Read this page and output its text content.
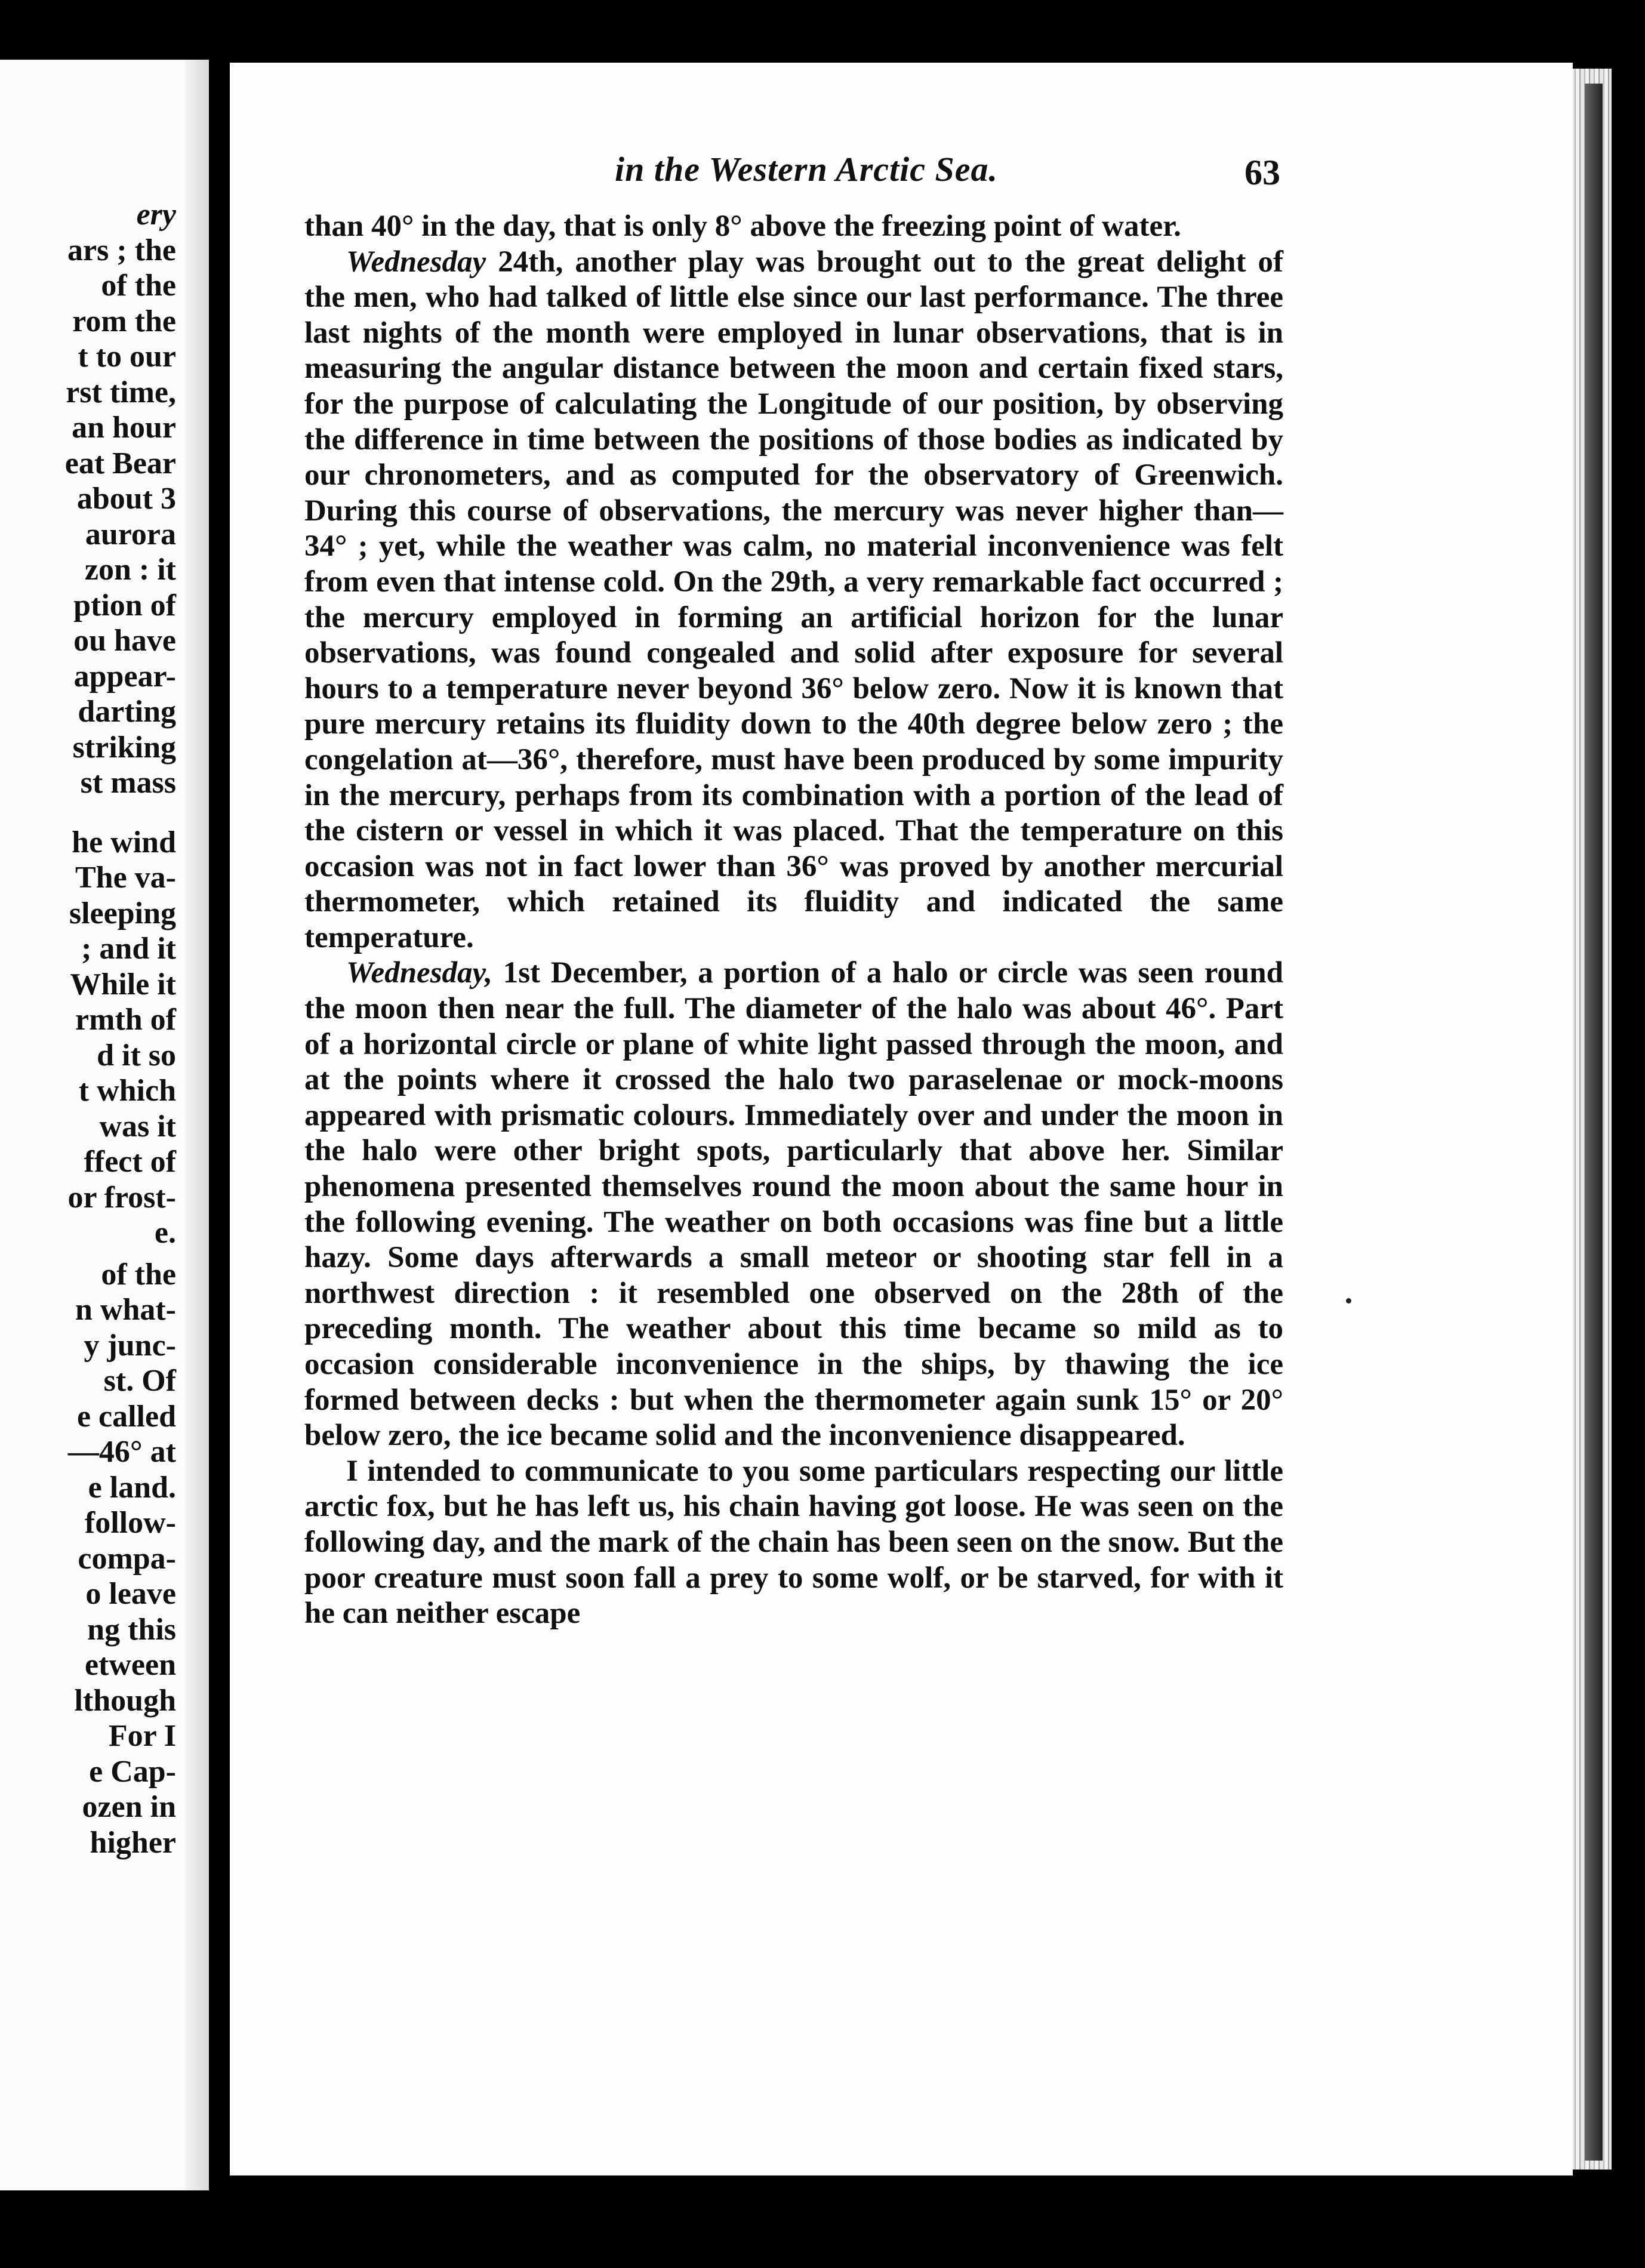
ery
ars ; the
of the
rom the
t to our
rst time,
an hour
eat Bear
about 3
aurora
zon : it
ption of
ou have
appear-
darting
striking
st mass
he wind
The va-
sleeping
; and it
While it
rmth of
d it so
t which
was it
ffect of
or frost-
e.
of the
n what-
y junc-
st. Of
e called
—46° at
e land.
follow-
compa-
o leave
ng this
etween
lthough
For I
e Cap-
ozen in
higher
in the Western Arctic Sea.	63

than 40° in the day, that is only 8° above the freezing point of water.

Wednesday 24th, another play was brought out to the great delight of the men, who had talked of little else since our last performance. The three last nights of the month were employed in lunar observations, that is in measuring the angular distance between the moon and certain fixed stars, for the purpose of calculating the Longitude of our position, by observing the difference in time between the positions of those bodies as indicated by our chronometers, and as computed for the observatory of Greenwich. During this course of observations, the mercury was never higher than—34° ; yet, while the weather was calm, no material inconvenience was felt from even that intense cold. On the 29th, a very remarkable fact occurred ; the mercury employed in forming an artificial horizon for the lunar observations, was found congealed and solid after exposure for several hours to a temperature never beyond 36° below zero. Now it is known that pure mercury retains its fluidity down to the 40th degree below zero ; the congelation at—36°, therefore, must have been produced by some impurity in the mercury, perhaps from its combination with a portion of the lead of the cistern or vessel in which it was placed. That the temperature on this occasion was not in fact lower than 36° was proved by another mercurial thermometer, which retained its fluidity and indicated the same temperature.

Wednesday, 1st December, a portion of a halo or circle was seen round the moon then near the full. The diameter of the halo was about 46°. Part of a horizontal circle or plane of white light passed through the moon, and at the points where it crossed the halo two paraselenae or mock-moons appeared with prismatic colours. Immediately over and under the moon in the halo were other bright spots, particularly that above her. Similar phenomena presented themselves round the moon about the same hour in the following evening. The weather on both occasions was fine but a little hazy. Some days afterwards a small meteor or shooting star fell in a northwest direction : it resembled one observed on the 28th of the preceding month. The weather about this time became so mild as to occasion considerable inconvenience in the ships, by thawing the ice formed between decks : but when the thermometer again sunk 15° or 20° below zero, the ice became solid and the inconvenience disappeared.

I intended to communicate to you some particulars respecting our little arctic fox, but he has left us, his chain having got loose. He was seen on the following day, and the mark of the chain has been seen on the snow. But the poor creature must soon fall a prey to some wolf, or be starved, for with it he can neither escape
